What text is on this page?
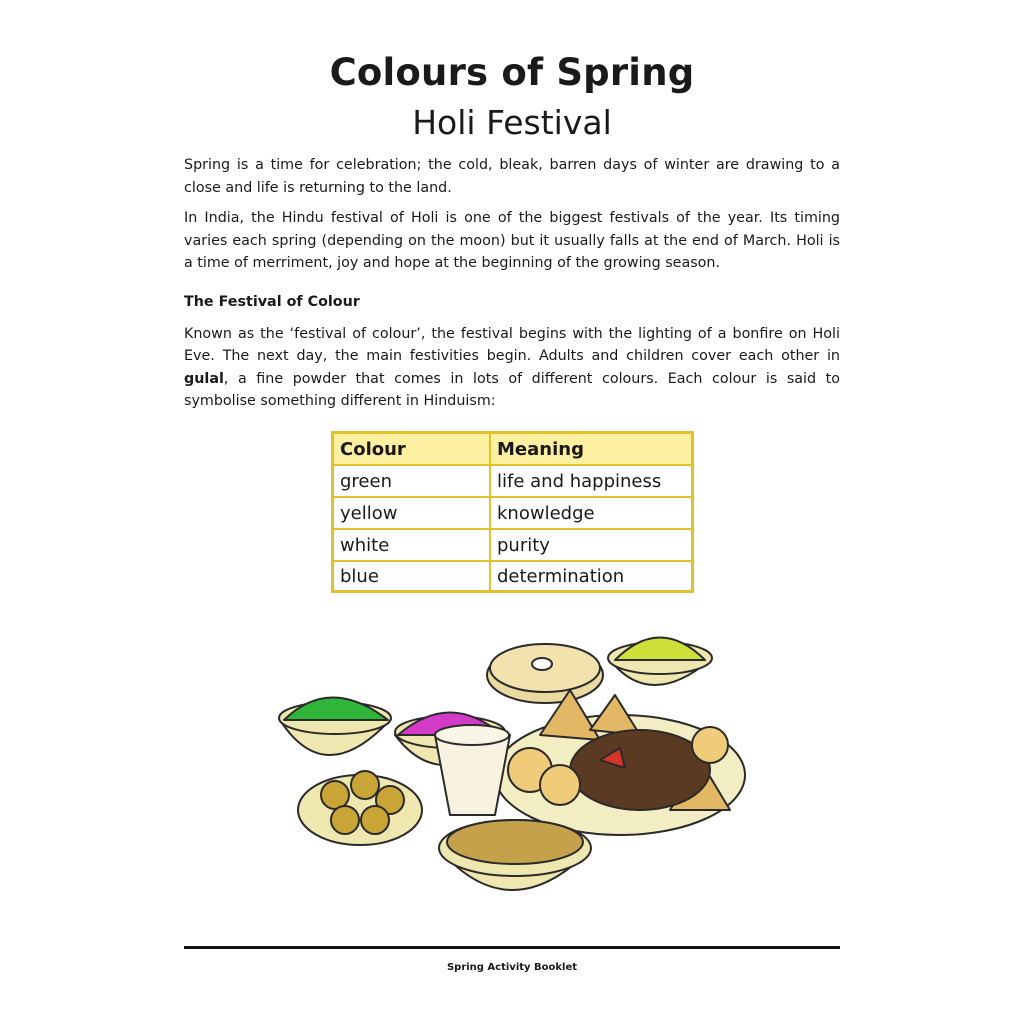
Colours of Spring
Holi Festival

Spring is a time for celebration; the cold, bleak, barren days of winter are drawing to a close and life is returning to the land.

In India, the Hindu festival of Holi is one of the biggest festivals of the year. Its timing varies each spring (depending on the moon) but it usually falls at the end of March. Holi is a time of merriment, joy and hope at the beginning of the growing season.

The Festival of Colour

Known as the ‘festival of colour’, the festival begins with the lighting of a bonfire on Holi Eve. The next day, the main festivities begin. Adults and children cover each other in gulal, a fine powder that comes in lots of different colours. Each colour is said to symbolise something different in Hinduism:

Colour	Meaning
green	life and happiness
yellow	knowledge
white	purity
blue	determination
Spring Activity Booklet
